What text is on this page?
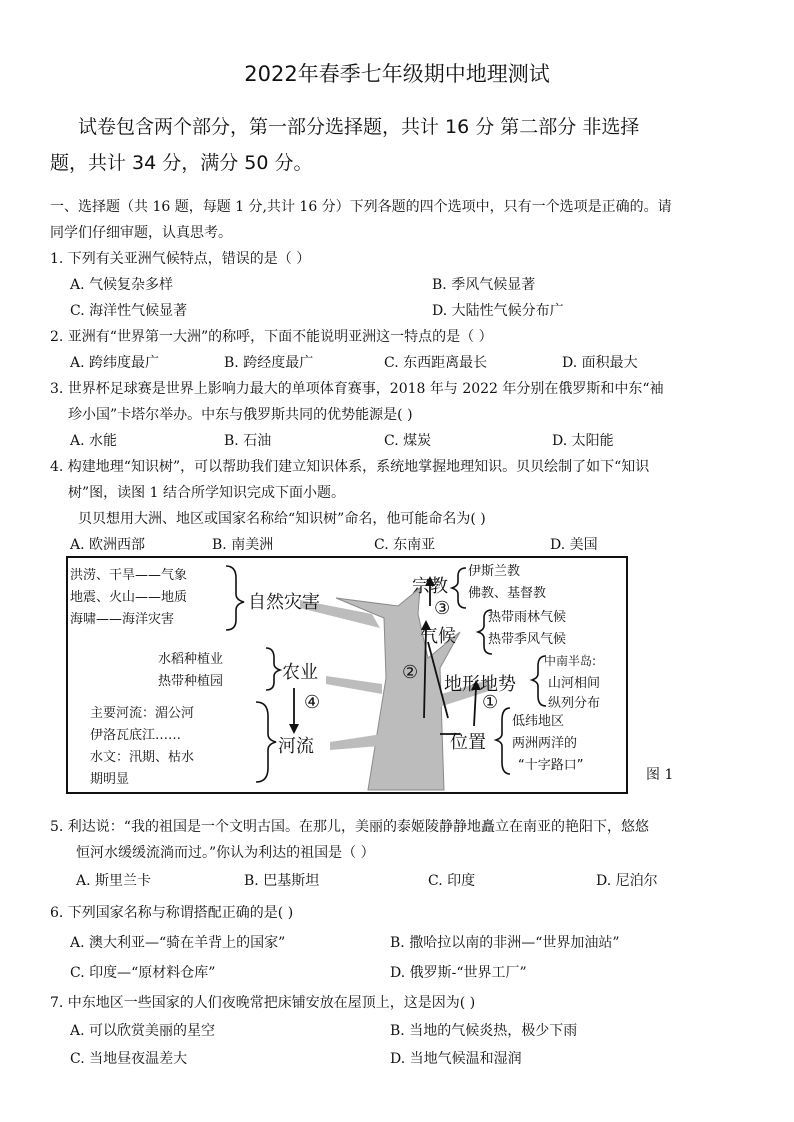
2022年春季七年级期中地理测试
试卷包含两个部分，第一部分选择题，共计 16 分 第二部分 非选择
题，共计 34 分，满分 50 分。
一、选择题（共 16 题，每题 1 分,共计 16 分）下列各题的四个选项中，只有一个选项是正确的。请
同学们仔细审题，认真思考。
1. 下列有关亚洲气候特点，错误的是（ ）
A. 气候复杂多样	B. 季风气候显著
C. 海洋性气候显著	D. 大陆性气候分布广
2. 亚洲有“世界第一大洲”的称呼，下面不能说明亚洲这一特点的是（ ）
A. 跨纬度最广	B. 跨经度最广	C. 东西距离最长	D. 面积最大
3. 世界杯足球赛是世界上影响力最大的单项体育赛事，2018 年与 2022 年分别在俄罗斯和中东“袖
珍小国”卡塔尔举办。中东与俄罗斯共同的优势能源是( )
A. 水能	B. 石油	C. 煤炭	D. 太阳能
4. 构建地理“知识树”，可以帮助我们建立知识体系，系统地掌握地理知识。贝贝绘制了如下“知识
树”图，读图 1 结合所学知识完成下面小题。
贝贝想用大洲、地区或国家名称给“知识树”命名，他可能命名为( )
A. 欧洲西部	B. 南美洲	C. 东南亚	D. 美国
洪涝、干旱——气象
地震、火山——地质
海啸——海洋灾害
水稻种植业
热带种植园
主要河流：湄公河
伊洛瓦底江……
水文：汛期、枯水
期明显
自然灾害
农业
河流
宗教
气候
地形地势
位置
伊斯兰教
佛教、基督教
热带雨林气候
热带季风气候
中南半岛:
山河相间
纵列分布
低纬地区
两洲两洋的
“十字路口”
①
②
③
④
图 1
5. 利达说：“我的祖国是一个文明古国。在那儿，美丽的泰姬陵静静地矗立在南亚的艳阳下，悠悠
恒河水缓缓流淌而过。”你认为利达的祖国是（ ）
A. 斯里兰卡	B. 巴基斯坦	C. 印度	D. 尼泊尔
6. 下列国家名称与称谓搭配正确的是( )
A. 澳大利亚—“骑在羊背上的国家”	B. 撒哈拉以南的非洲—“世界加油站”
C. 印度—“原材料仓库”	D. 俄罗斯-“世界工厂”
7. 中东地区一些国家的人们夜晚常把床铺安放在屋顶上，这是因为( )
A. 可以欣赏美丽的星空	B. 当地的气候炎热，极少下雨
C. 当地昼夜温差大	D. 当地气候温和湿润
